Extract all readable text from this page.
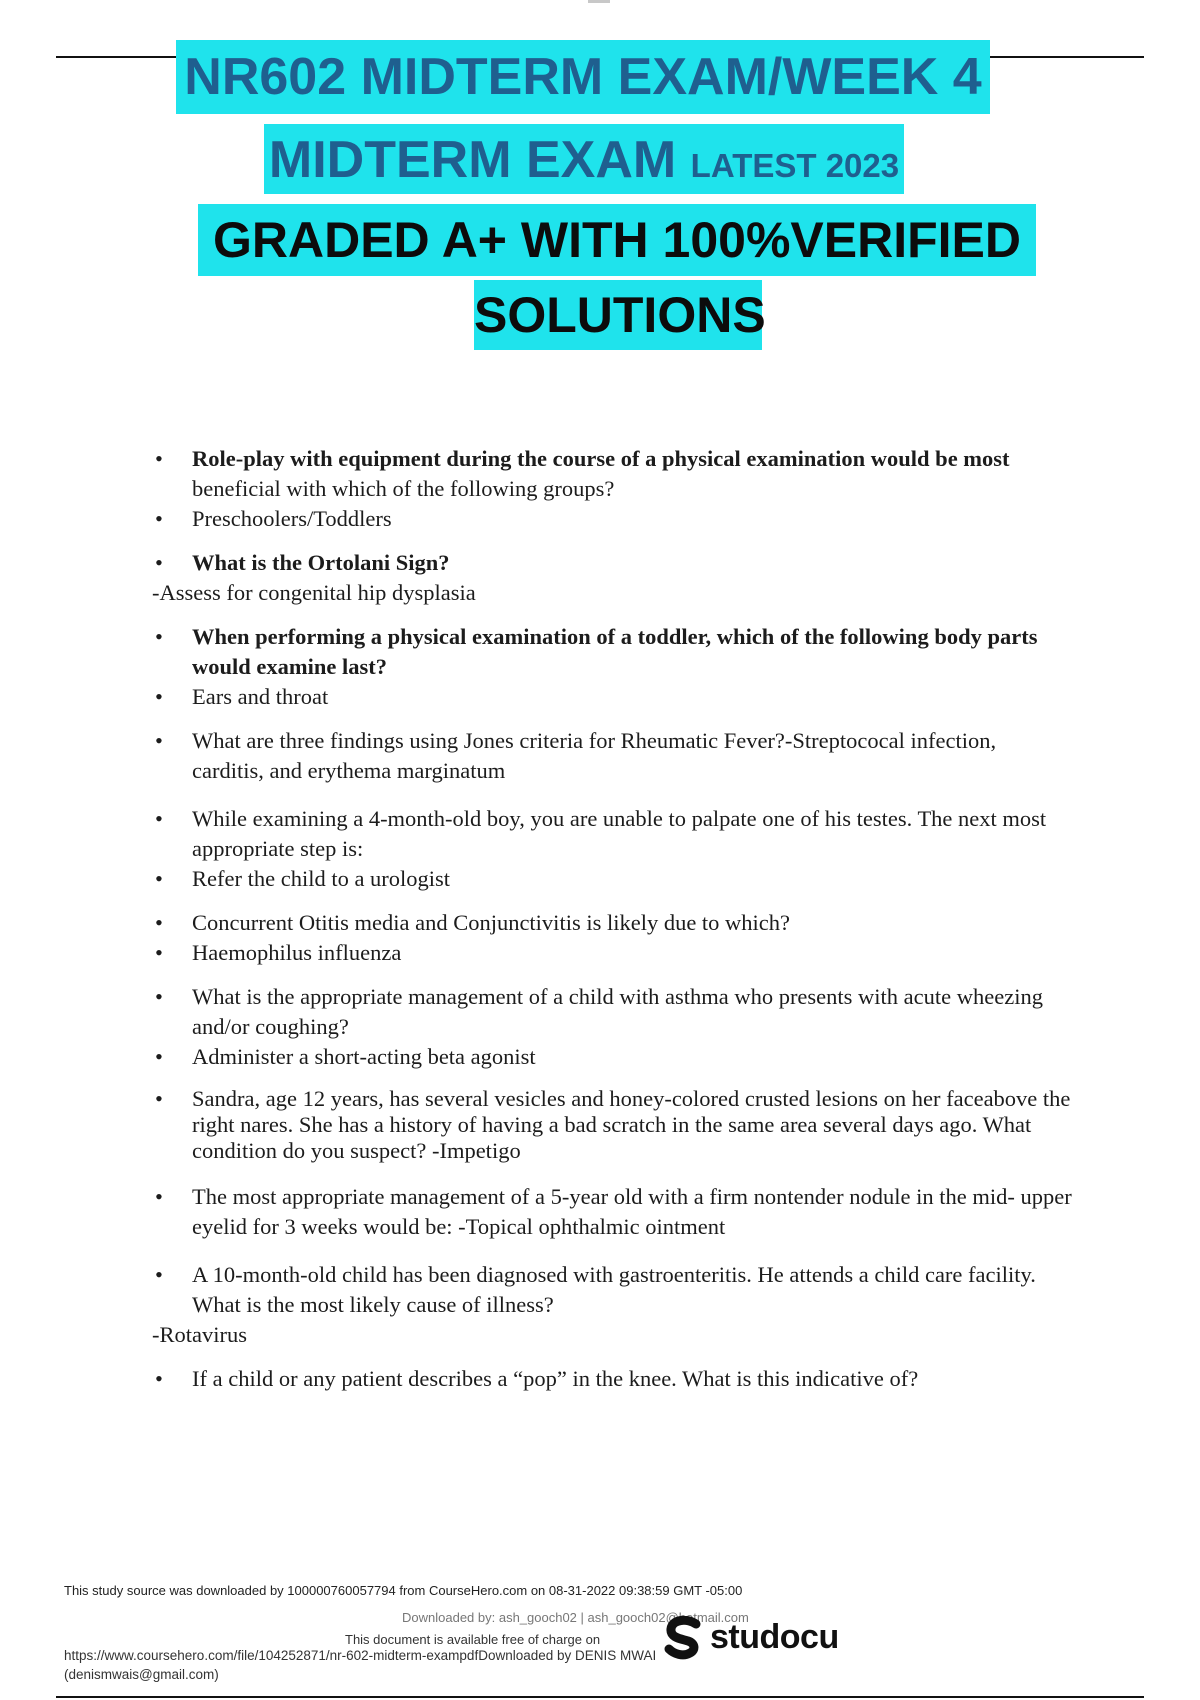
NR602 MIDTERM EXAM/WEEK 4
MIDTERM EXAM LATEST 2023
GRADED A+ WITH 100%VERIFIED
SOLUTIONS
• Role-play with equipment during the course of a physical examination would be most beneficial with which of the following groups?
• Preschoolers/Toddlers
• What is the Ortolani Sign?
-Assess for congenital hip dysplasia
• When performing a physical examination of a toddler, which of the following body parts would examine last?
• Ears and throat
• What are three findings using Jones criteria for Rheumatic Fever?-Streptococal infection, carditis, and erythema marginatum
• While examining a 4-month-old boy, you are unable to palpate one of his testes. The next most appropriate step is:
• Refer the child to a urologist
• Concurrent Otitis media and Conjunctivitis is likely due to which?
• Haemophilus influenza
• What is the appropriate management of a child with asthma who presents with acute wheezing and/or coughing?
• Administer a short-acting beta agonist
• Sandra, age 12 years, has several vesicles and honey-colored crusted lesions on her faceabove the right nares. She has a history of having a bad scratch in the same area several days ago. What condition do you suspect? -Impetigo
• The most appropriate management of a 5-year old with a firm nontender nodule in the mid- upper eyelid for 3 weeks would be: -Topical ophthalmic ointment
• A 10-month-old child has been diagnosed with gastroenteritis. He attends a child care facility. What is the most likely cause of illness?
-Rotavirus
• If a child or any patient describes a “pop” in the knee. What is this indicative of?
This study source was downloaded by 100000760057794 from CourseHero.com on 08-31-2022 09:38:59 GMT -05:00
Downloaded by: ash_gooch02 | ash_gooch02@hotmail.com
This document is available free of charge on
https://www.coursehero.com/file/104252871/nr-602-midterm-exampdfDownloaded by DENIS MWAI
(denismwais@gmail.com)
studocu
